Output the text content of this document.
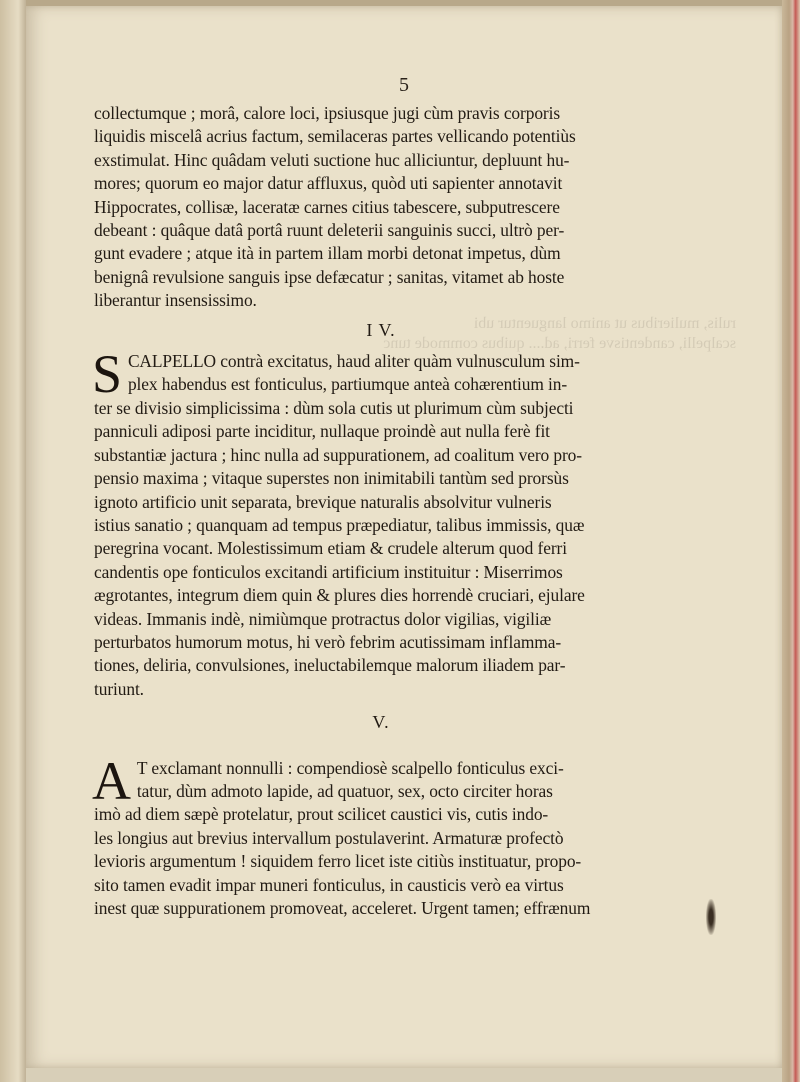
5
rulis, mulieribus ut animo languentur ubi
scalpelli, candentisve ferri, ad.... quibus commode tunc
collectumque ; morâ, calore loci, ipsiusque jugi cùm pravis corporis
liquidis miscelâ acrius factum, semilaceras partes vellicando potentiùs
exstimulat. Hinc quâdam veluti suctione huc alliciuntur, depluunt hu-
mores; quorum eo major datur affluxus, quòd uti sapienter annotavit
Hippocrates, collisæ, laceratæ carnes citius tabescere, subputrescere
debeant : quâque datâ portâ ruunt deleterii sanguinis succi, ultrò per-
gunt evadere ; atque ità in partem illam morbi detonat impetus, dùm
benignâ revulsione sanguis ipse defæcatur ; sanitas, vitamet ab hoste
liberantur insensissimo.
I V.
S CALPELLO contrà excitatus, haud aliter quàm vulnusculum sim-
plex habendus est fonticulus, partiumque anteà cohærentium in-
ter se divisio simplicissima : dùm sola cutis ut plurimum cùm subjecti
panniculi adiposi parte inciditur, nullaque proindè aut nulla ferè fit
substantiæ jactura ; hinc nulla ad suppurationem, ad coalitum vero pro-
pensio maxima ; vitaque superstes non inimitabili tantùm sed prorsùs
ignoto artificio unit separata, brevique naturalis absolvitur vulneris
istius sanatio ; quanquam ad tempus præpediatur, talibus immissis, quæ
peregrina vocant. Molestissimum etiam & crudele alterum quod ferri
candentis ope fonticulos excitandi artificium instituitur : Miserrimos
ægrotantes, integrum diem quin & plures dies horrendè cruciari, ejulare
videas. Immanis indè, nimiùmque protractus dolor vigilias, vigiliæ
perturbatos humorum motus, hi verò febrim acutissimam inflamma-
tiones, deliria, convulsiones, ineluctabilemque malorum iliadem par-
turiunt.
V.
A T exclamant nonnulli : compendiosè scalpello fonticulus exci-
tatur, dùm admoto lapide, ad quatuor, sex, octo circiter horas
imò ad diem sæpè protelatur, prout scilicet caustici vis, cutis indo-
les longius aut brevius intervallum postulaverint. Armaturæ profectò
levioris argumentum ! siquidem ferro licet iste citiùs instituatur, propo-
sito tamen evadit impar muneri fonticulus, in causticis verò ea virtus
inest quæ suppurationem promoveat, acceleret. Urgent tamen; effrænum
